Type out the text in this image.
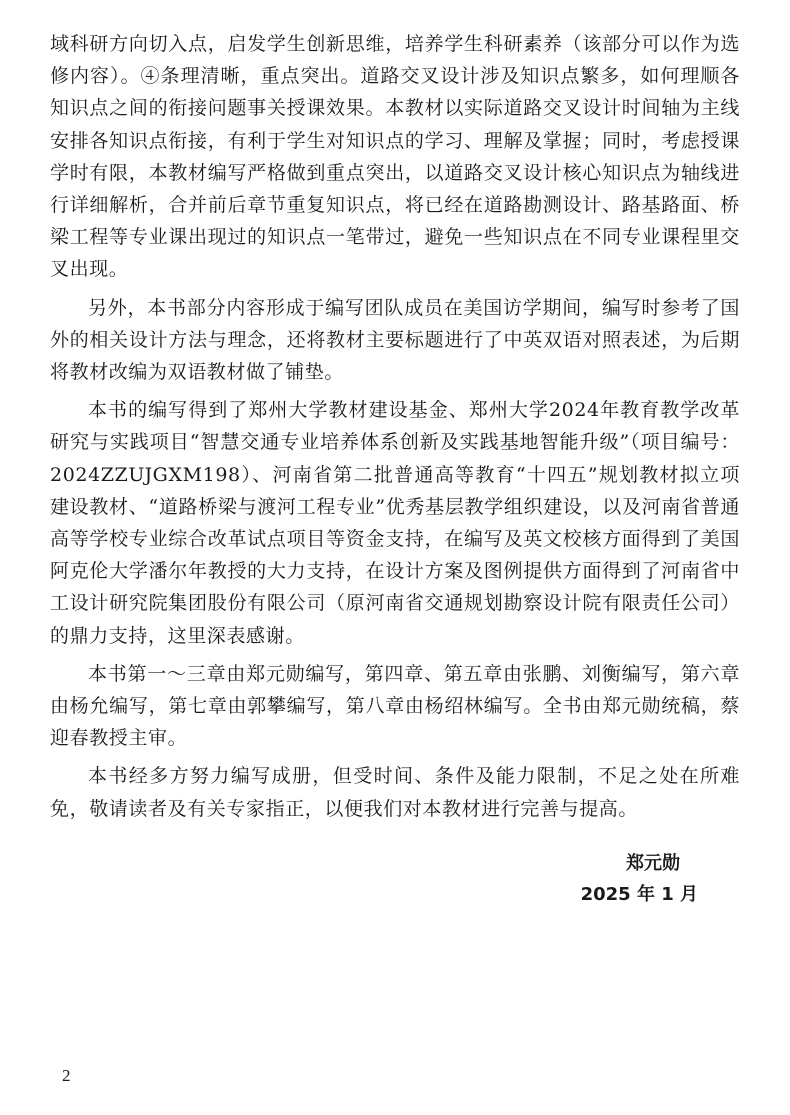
域科研方向切入点，启发学生创新思维，培养学生科研素养（该部分可以作为选修内容）。④条理清晰，重点突出。道路交叉设计涉及知识点繁多，如何理顺各知识点之间的衔接问题事关授课效果。本教材以实际道路交叉设计时间轴为主线安排各知识点衔接，有利于学生对知识点的学习、理解及掌握；同时，考虑授课学时有限，本教材编写严格做到重点突出，以道路交叉设计核心知识点为轴线进行详细解析，合并前后章节重复知识点，将已经在道路勘测设计、路基路面、桥梁工程等专业课出现过的知识点一笔带过，避免一些知识点在不同专业课程里交叉出现。

另外，本书部分内容形成于编写团队成员在美国访学期间，编写时参考了国外的相关设计方法与理念，还将教材主要标题进行了中英双语对照表述，为后期将教材改编为双语教材做了铺垫。

本书的编写得到了郑州大学教材建设基金、郑州大学2024年教育教学改革研究与实践项目“智慧交通专业培养体系创新及实践基地智能升级”（项目编号：2024ZZUJGXM198）、河南省第二批普通高等教育“十四五”规划教材拟立项建设教材、“道路桥梁与渡河工程专业”优秀基层教学组织建设，以及河南省普通高等学校专业综合改革试点项目等资金支持，在编写及英文校核方面得到了美国阿克伦大学潘尔年教授的大力支持，在设计方案及图例提供方面得到了河南省中工设计研究院集团股份有限公司（原河南省交通规划勘察设计院有限责任公司）的鼎力支持，这里深表感谢。

本书第一～三章由郑元勋编写，第四章、第五章由张鹏、刘衡编写，第六章由杨允编写，第七章由郭攀编写，第八章由杨绍林编写。全书由郑元勋统稿，蔡迎春教授主审。

本书经多方努力编写成册，但受时间、条件及能力限制，不足之处在所难免，敬请读者及有关专家指正，以便我们对本教材进行完善与提高。

郑元勋
2025 年 1 月
2
